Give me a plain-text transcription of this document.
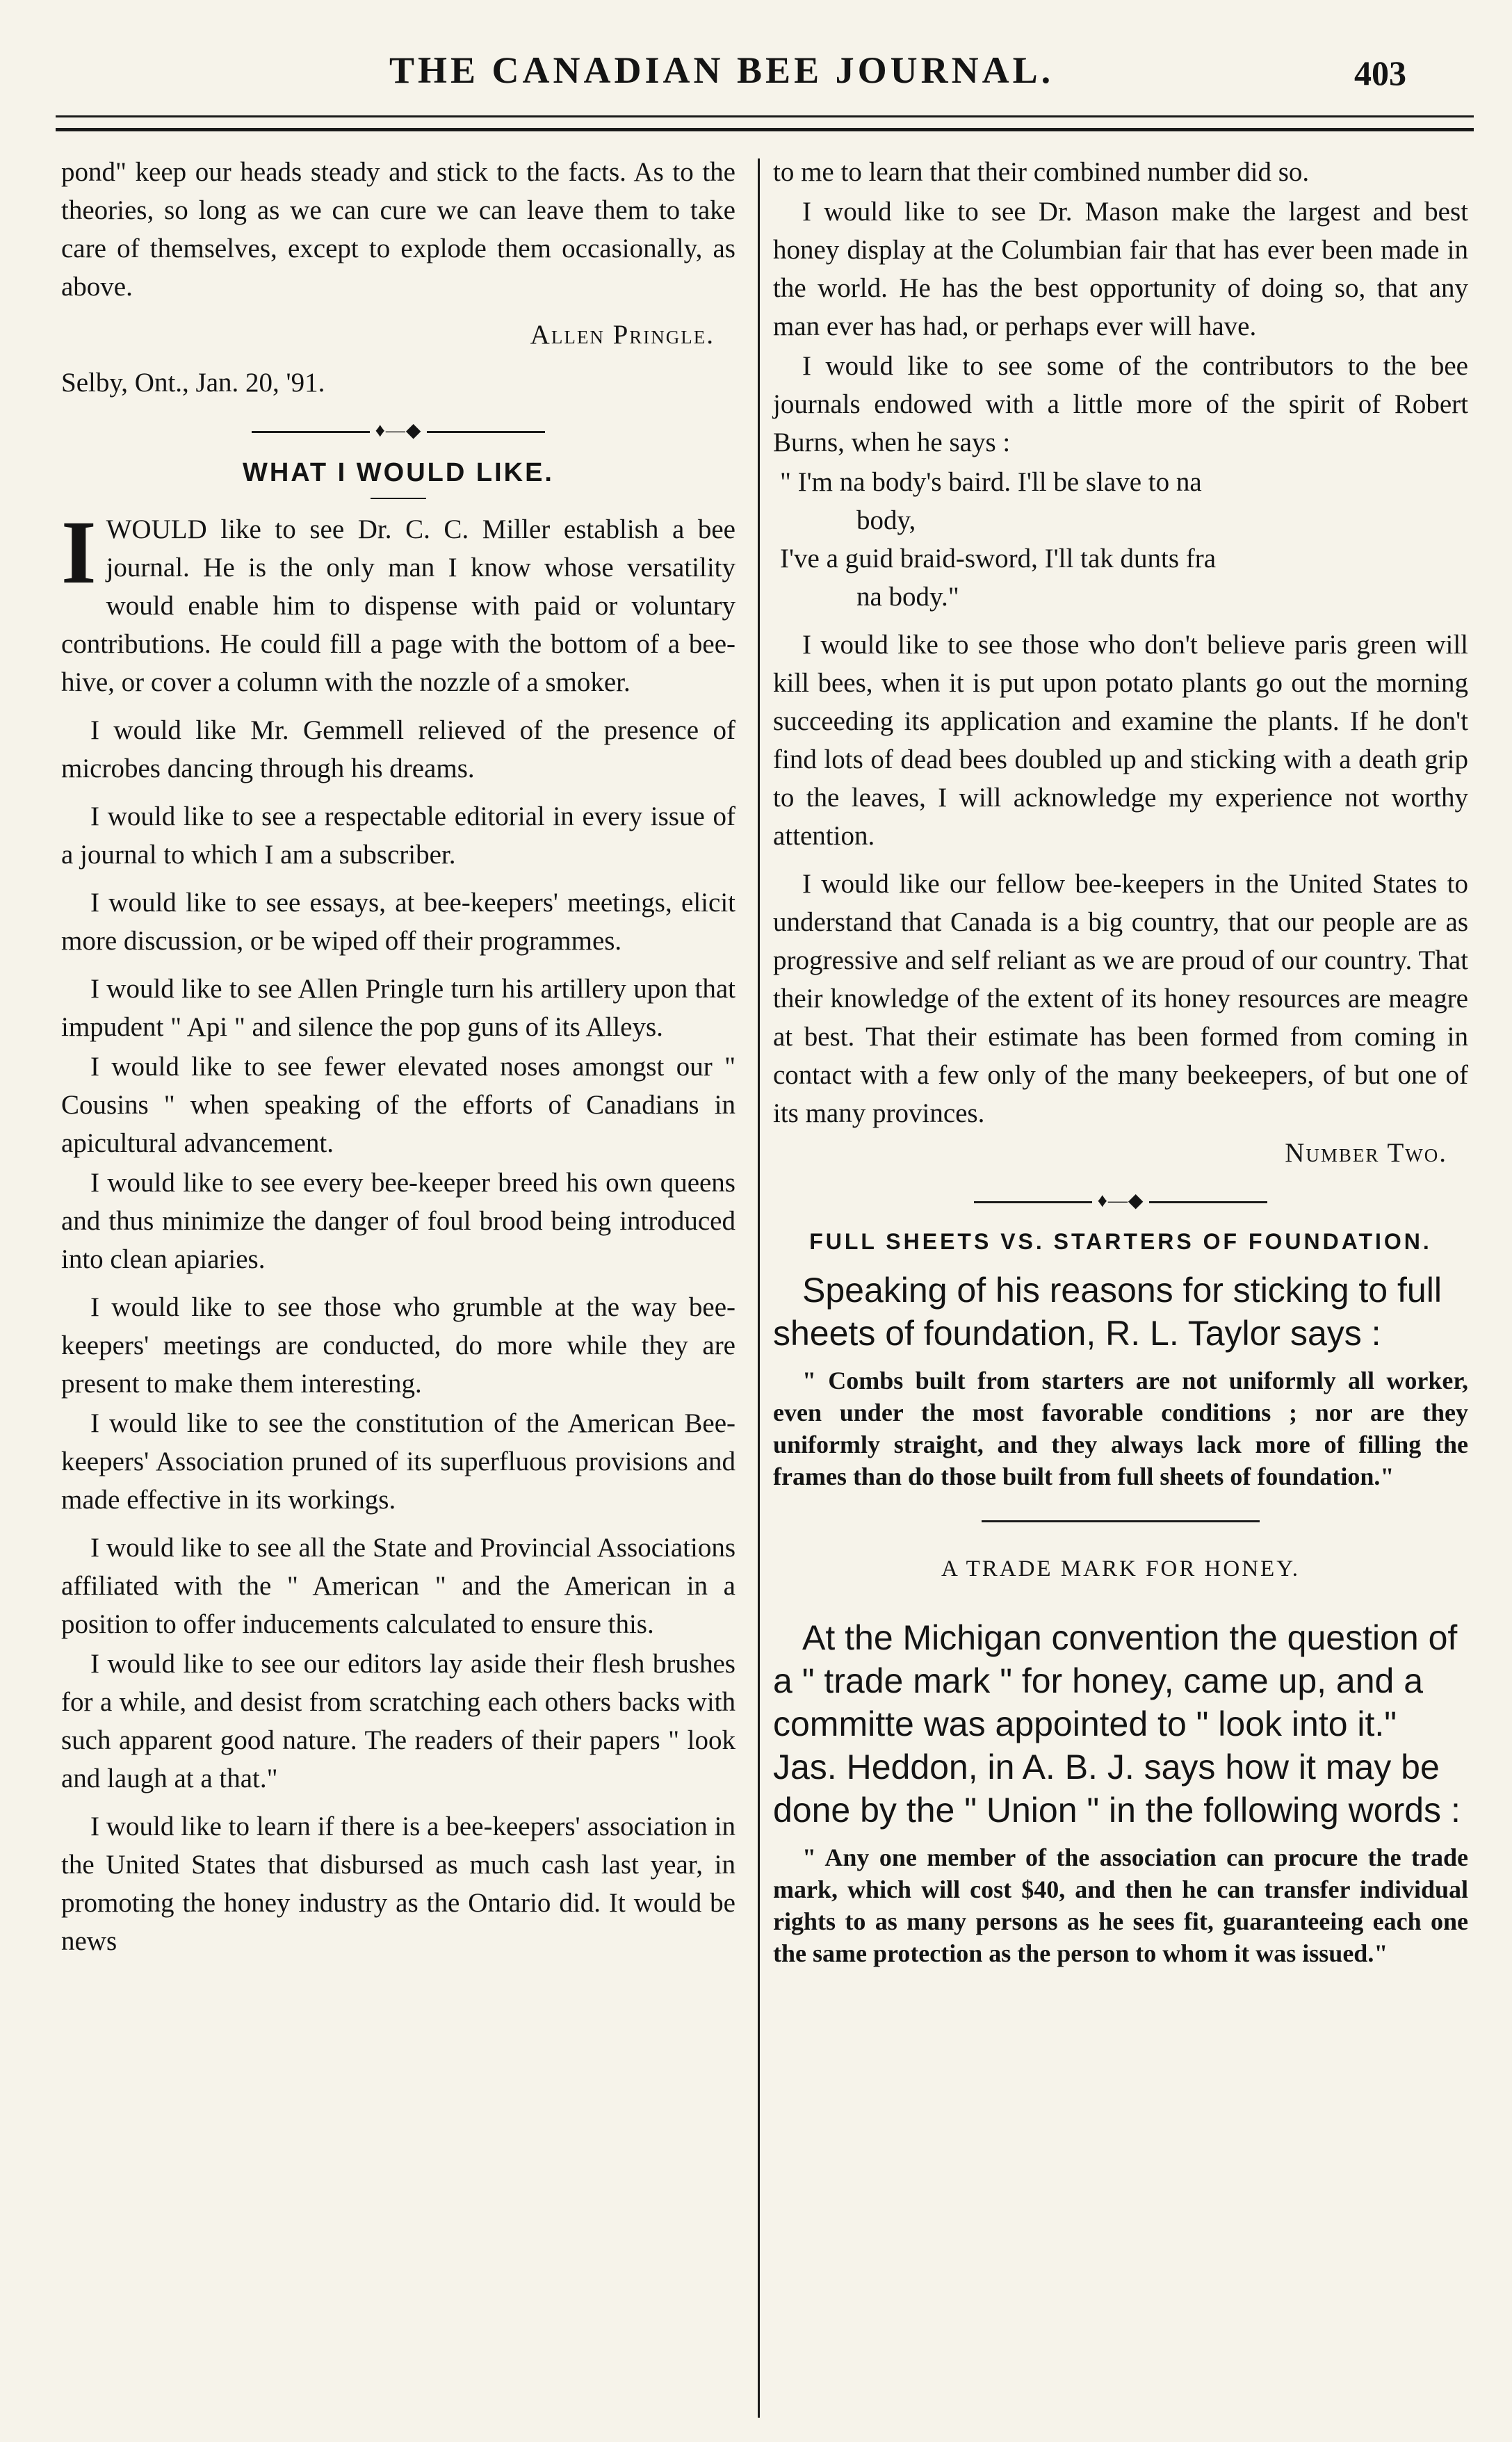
THE CANADIAN BEE JOURNAL.	403

pond" keep our heads steady and stick to the facts. As to the theories, so long as we can cure we can leave them to take care of themselves, except to explode them occasionally, as above.

Allen Pringle.

Selby, Ont., Jan. 20, '91.

♦—◆
WHAT I WOULD LIKE.

IWOULD like to see Dr. C. C. Miller establish a bee journal. He is the only man I know whose versatility would enable him to dispense with paid or voluntary contributions. He could fill a page with the bottom of a bee-hive, or cover a column with the nozzle of a smoker.

I would like Mr. Gemmell relieved of the presence of microbes dancing through his dreams.

I would like to see a respectable editorial in every issue of a journal to which I am a subscriber.

I would like to see essays, at bee-keepers' meetings, elicit more discussion, or be wiped off their programmes.

I would like to see Allen Pringle turn his artillery upon that impudent " Api " and silence the pop guns of its Alleys.

I would like to see fewer elevated noses amongst our " Cousins " when speaking of the efforts of Canadians in apicultural advancement.

I would like to see every bee-keeper breed his own queens and thus minimize the danger of foul brood being introduced into clean apiaries.

I would like to see those who grumble at the way bee-keepers' meetings are conducted, do more while they are present to make them interesting.

I would like to see the constitution of the American Bee-keepers' Association pruned of its superfluous provisions and made effective in its workings.

I would like to see all the State and Provincial Associations affiliated with the " American " and the American in a position to offer inducements calculated to ensure this.

I would like to see our editors lay aside their flesh brushes for a while, and desist from scratching each others backs with such apparent good nature. The readers of their papers " look and laugh at a that."

I would like to learn if there is a bee-keepers' association in the United States that disbursed as much cash last year, in promoting the honey industry as the Ontario did. It would be news

to me to learn that their combined number did so.

I would like to see Dr. Mason make the largest and best honey display at the Columbian fair that has ever been made in the world. He has the best opportunity of doing so, that any man ever has had, or perhaps ever will have.

I would like to see some of the contributors to the bee journals endowed with a little more of the spirit of Robert Burns, when he says :

" I'm na body's baird. I'll be slave to na
body,
I've a guid braid-sword, I'll tak dunts fra
na body."

I would like to see those who don't believe paris green will kill bees, when it is put upon potato plants go out the morning succeeding its application and examine the plants. If he don't find lots of dead bees doubled up and sticking with a death grip to the leaves, I will acknowledge my experience not worthy attention.

I would like our fellow bee-keepers in the United States to understand that Canada is a big country, that our people are as progressive and self reliant as we are proud of our country. That their knowledge of the extent of its honey resources are meagre at best. That their estimate has been formed from coming in contact with a few only of the many beekeepers, of but one of its many provinces.

Number Two.

♦—◆
FULL SHEETS VS. STARTERS OF FOUNDATION.

Speaking of his reasons for sticking to full sheets of foundation, R. L. Taylor says :

" Combs built from starters are not uniformly all worker, even under the most favorable conditions ; nor are they uniformly straight, and they always lack more of filling the frames than do those built from full sheets of foundation."

A TRADE MARK FOR HONEY.

At the Michigan convention the question of a " trade mark " for honey, came up, and a committe was appointed to " look into it." Jas. Heddon, in A. B. J. says how it may be done by the " Union " in the following words :

" Any one member of the association can procure the trade mark, which will cost $40, and then he can transfer individual rights to as many persons as he sees fit, guaranteeing each one the same protection as the person to whom it was issued."
